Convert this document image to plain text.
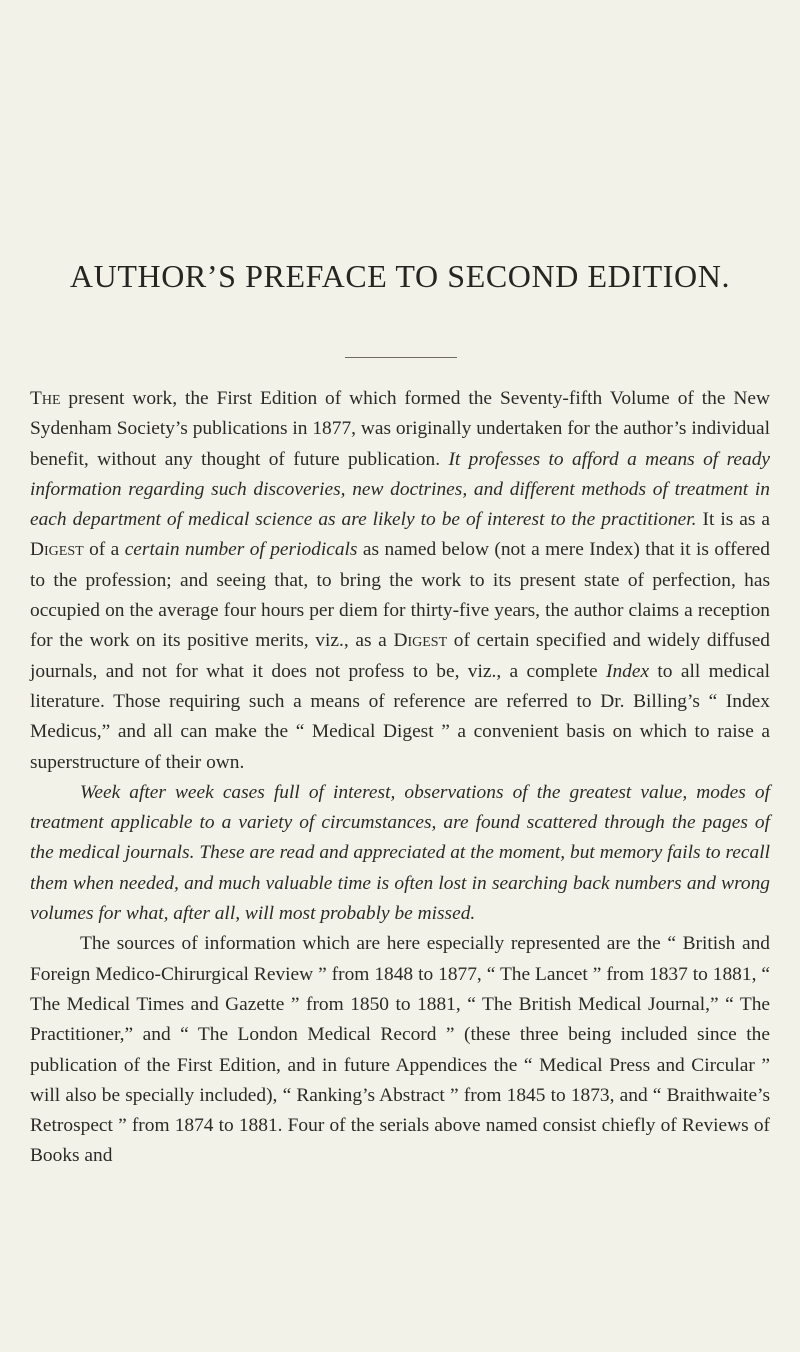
AUTHOR’S PREFACE TO SECOND EDITION.

The present work, the First Edition of which formed the Seventy-fifth Volume of the New Sydenham Society’s publications in 1877, was originally undertaken for the author’s individual benefit, without any thought of future publication. It professes to afford a means of ready information regarding such discoveries, new doctrines, and different methods of treatment in each department of medical science as are likely to be of interest to the practitioner. It is as a Digest of a certain number of periodicals as named below (not a mere Index) that it is offered to the profession; and seeing that, to bring the work to its present state of perfection, has occupied on the average four hours per diem for thirty-five years, the author claims a reception for the work on its positive merits, viz., as a Digest of certain specified and widely diffused journals, and not for what it does not profess to be, viz., a complete Index to all medical literature. Those requiring such a means of reference are referred to Dr. Billing’s “ Index Medicus,” and all can make the “ Medical Digest ” a convenient basis on which to raise a superstructure of their own.

Week after week cases full of interest, observations of the greatest value, modes of treatment applicable to a variety of circumstances, are found scattered through the pages of the medical journals. These are read and appreciated at the moment, but memory fails to recall them when needed, and much valuable time is often lost in searching back numbers and wrong volumes for what, after all, will most probably be missed.

The sources of information which are here especially represented are the “ British and Foreign Medico-Chirurgical Review ” from 1848 to 1877, “ The Lancet ” from 1837 to 1881, “ The Medical Times and Gazette ” from 1850 to 1881, “ The British Medical Journal,” “ The Practitioner,” and “ The London Medical Record ” (these three being included since the publication of the First Edition, and in future Appendices the “ Medical Press and Circular ” will also be specially included), “ Ranking’s Abstract ” from 1845 to 1873, and “ Braithwaite’s Retrospect ” from 1874 to 1881. Four of the serials above named consist chiefly of Reviews of Books and
